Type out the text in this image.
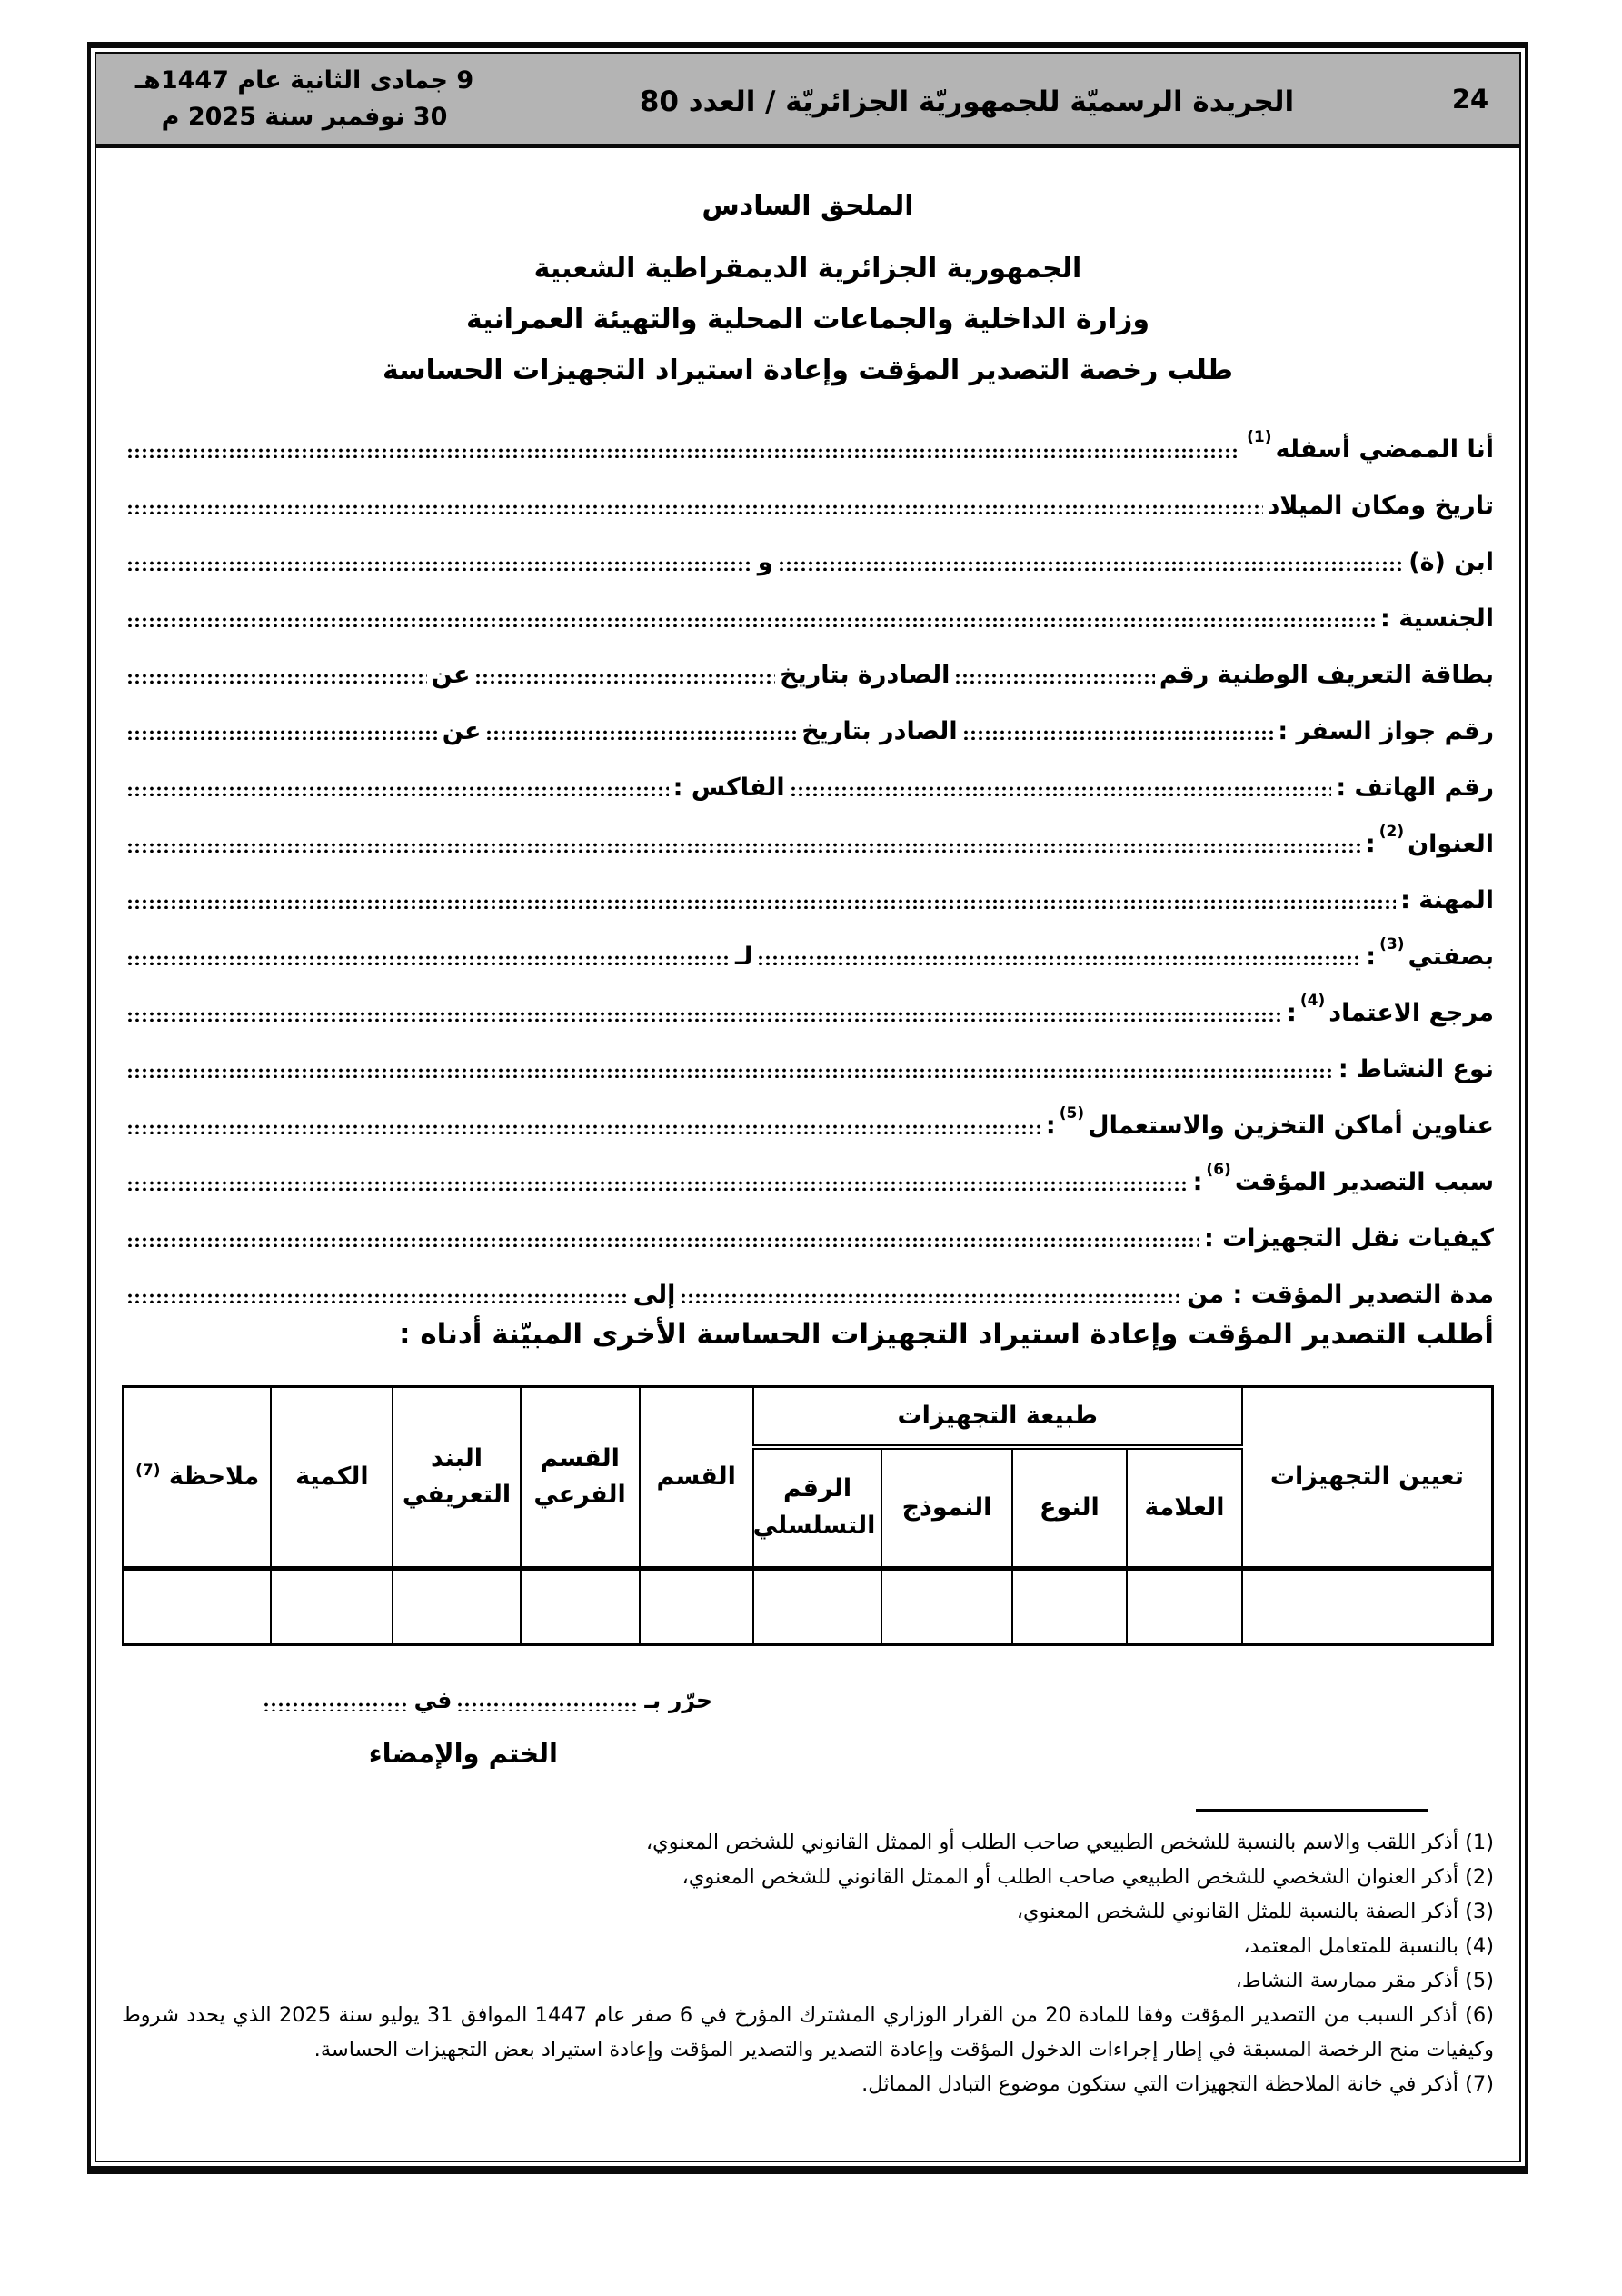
9 جمادى الثانية عام 1447هـ
30 نوفمبر سنة 2025 م	الجريدة الرسميّة للجمهوريّة الجزائريّة / العدد 80	24
الملحق السادس
الجمهورية الجزائرية الديمقراطية الشعبية
وزارة الداخلية والجماعات المحلية والتهيئة العمرانية
طلب رخصة التصدير المؤقت وإعادة استيراد التجهيزات الحساسة
أنا الممضي أسفله
(1)
تاريخ ومكان الميلاد
ابن (ة)
و
الجنسية :
بطاقة التعريف الوطنية رقم
الصادرة بتاريخ
عن
رقم جواز السفر :
الصادر بتاريخ
عن
رقم الهاتف :
الفاكس :
العنوان
(2)
:
المهنة :
بصفتي
(3)
:
لـ
مرجع الاعتماد
(4)
:
نوع النشاط :
عناوين أماكن التخزين والاستعمال
(5)
:
سبب التصدير المؤقت
(6)
:
كيفيات نقل التجهيزات :
مدة التصدير المؤقت : من
إلى
أطلب التصدير المؤقت وإعادة استيراد التجهيزات الحساسة الأخرى المبيّنة أدناه :
تعيين التجهيزات	طبيعة التجهيزات				القسم	القسم الفرعي	البند التعريفي	الكمية	ملاحظة $^{(7)}$
	العلامة	النوع	النموذج	الرقم التسلسلي					

حرّر بـ
في
الختم والإمضاء
(1) أذكر اللقب والاسم بالنسبة للشخص الطبيعي صاحب الطلب أو الممثل القانوني للشخص المعنوي،
(2) أذكر العنوان الشخصي للشخص الطبيعي صاحب الطلب أو الممثل القانوني للشخص المعنوي،
(3) أذكر الصفة بالنسبة للمثل القانوني للشخص المعنوي،
(4) بالنسبة للمتعامل المعتمد،
(5) أذكر مقر ممارسة النشاط،
(6) أذكر السبب من التصدير المؤقت وفقا للمادة 20 من القرار الوزاري المشترك المؤرخ في 6 صفر عام 1447 الموافق 31 يوليو سنة 2025 الذي يحدد شروط وكيفيات منح الرخصة المسبقة في إطار إجراءات الدخول المؤقت وإعادة التصدير والتصدير المؤقت وإعادة استيراد بعض التجهيزات الحساسة.
(7) أذكر في خانة الملاحظة التجهيزات التي ستكون موضوع التبادل المماثل.
